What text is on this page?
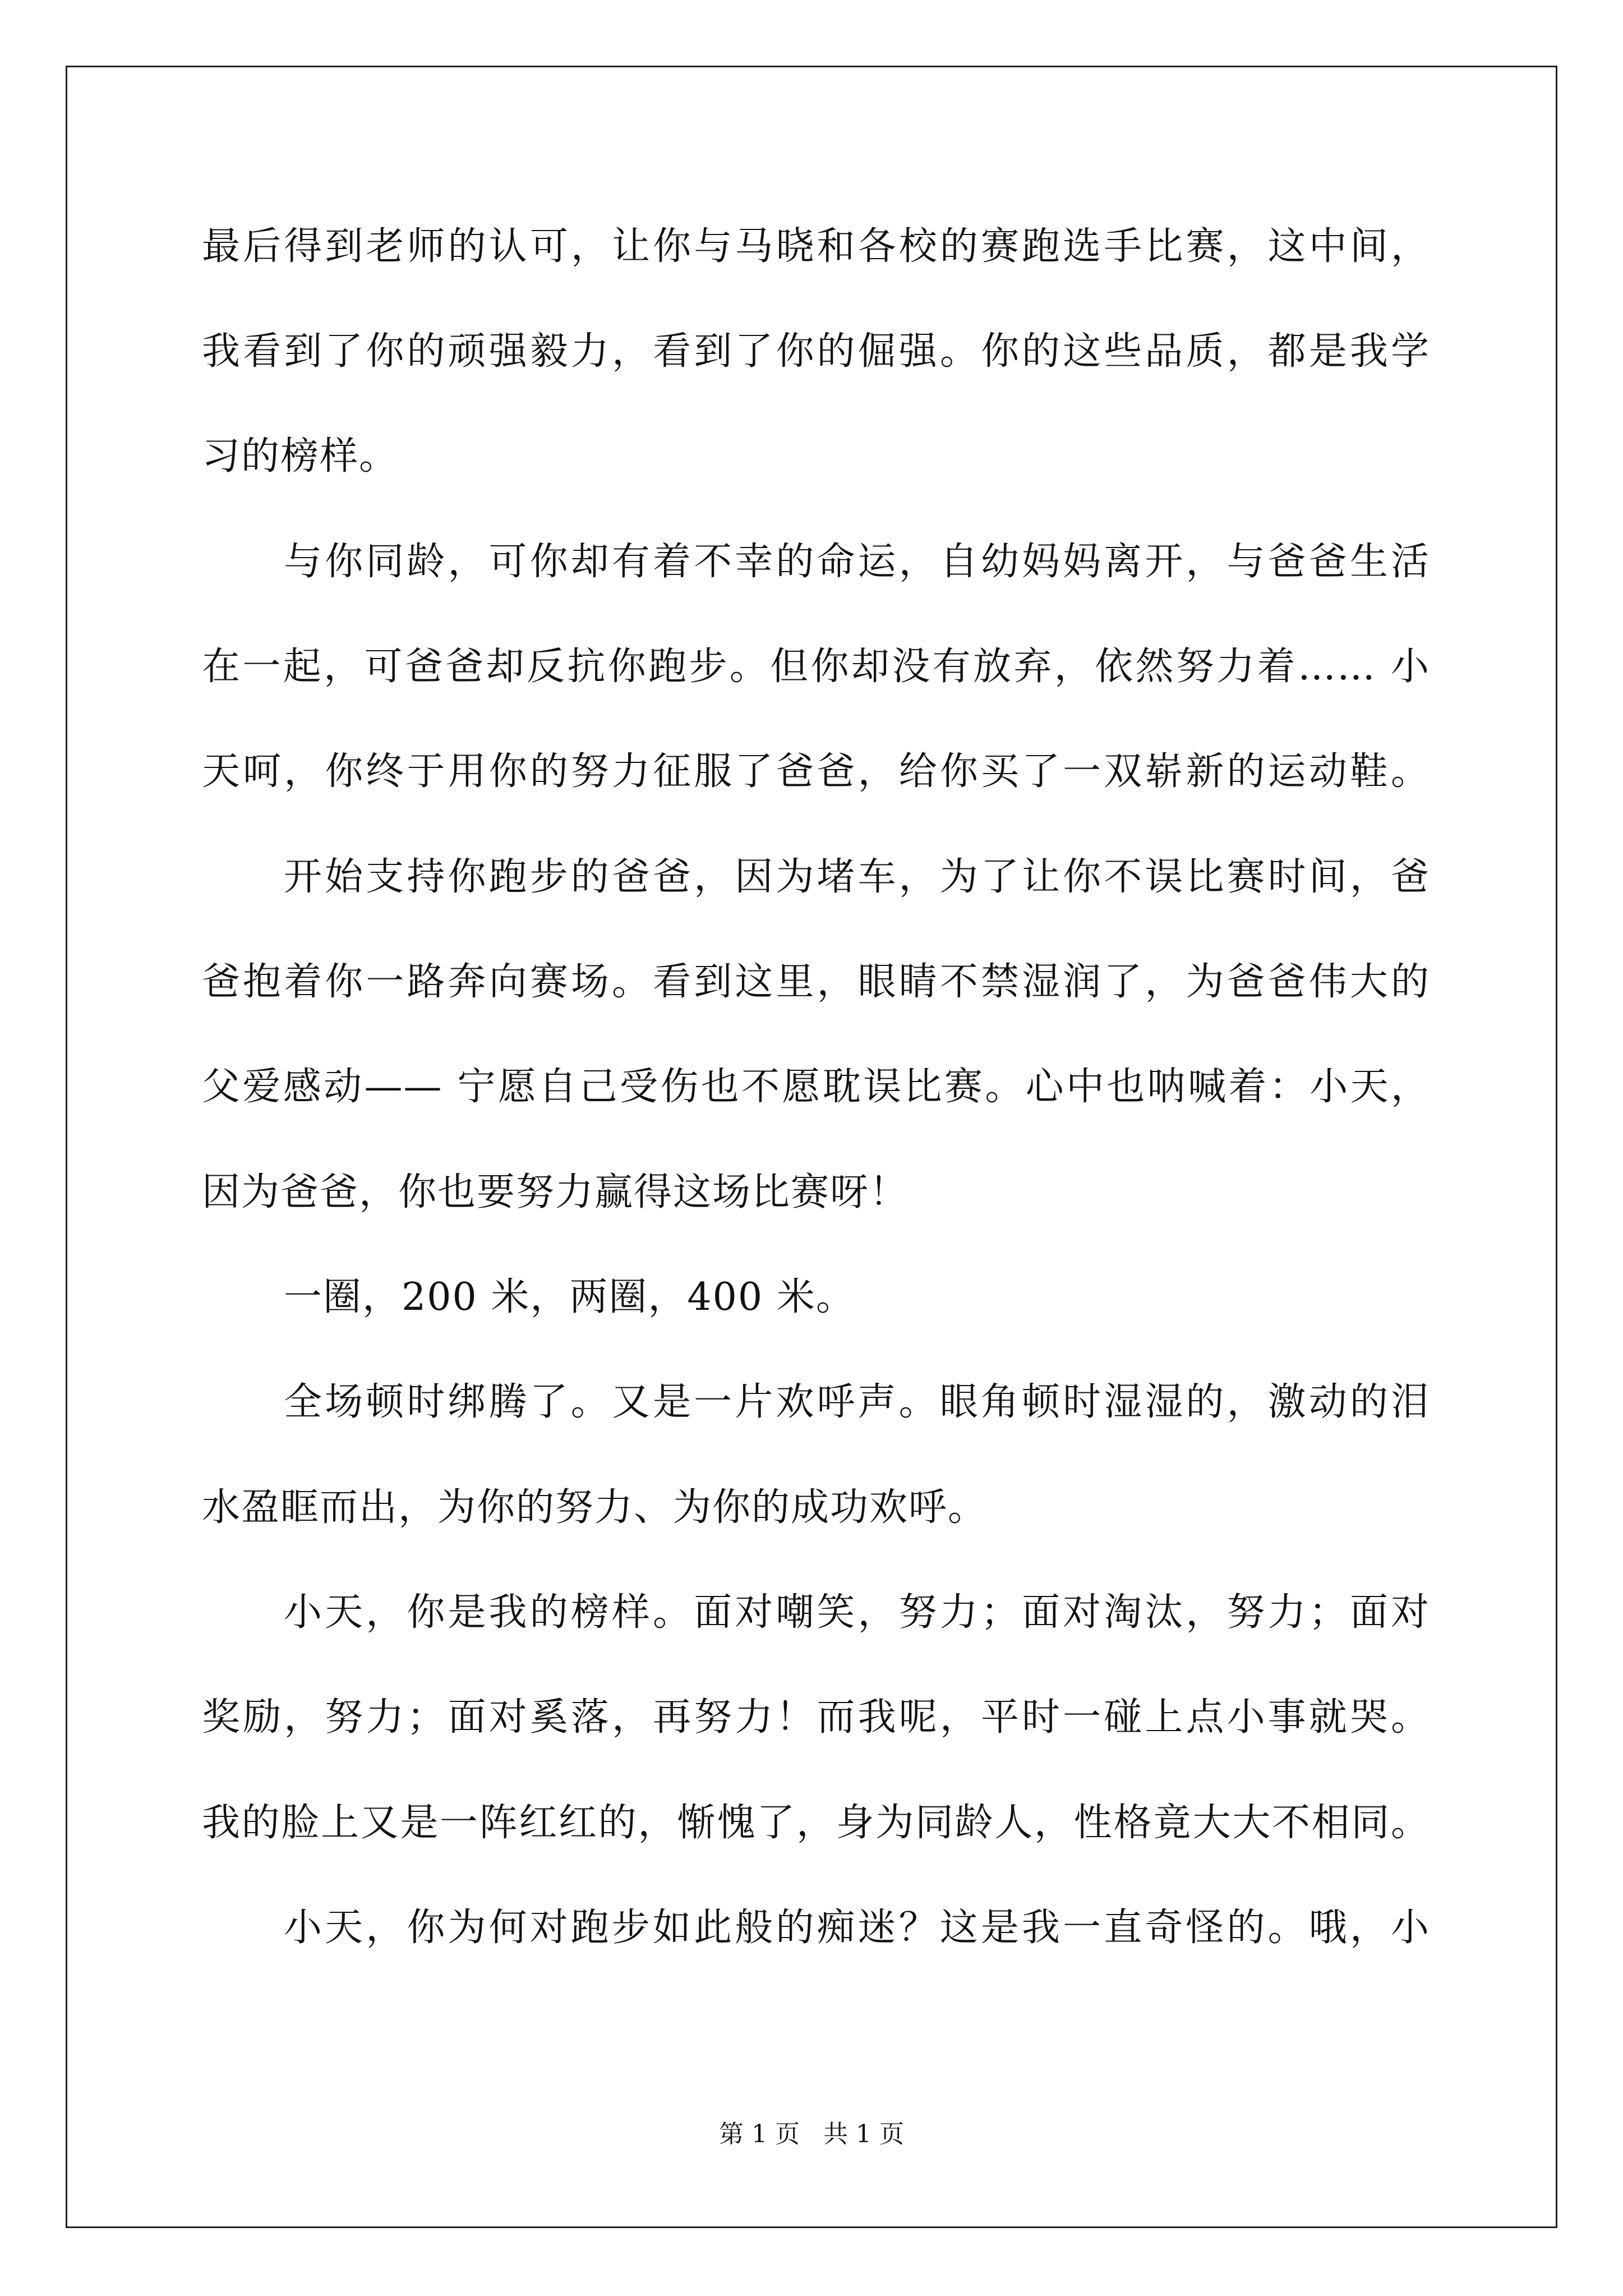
最后得到老师的认可，让你与马晓和各校的赛跑选手比赛，这中间，
我看到了你的顽强毅力，看到了你的倔强。你的这些品质，都是我学
习的榜样。
与你同龄，可你却有着不幸的命运，自幼妈妈离开，与爸爸生活
在一起，可爸爸却反抗你跑步。但你却没有放弃，依然努力着…… 小
天呵，你终于用你的努力征服了爸爸，给你买了一双崭新的运动鞋。
开始支持你跑步的爸爸，因为堵车，为了让你不误比赛时间，爸
爸抱着你一路奔向赛场。看到这里，眼睛不禁湿润了，为爸爸伟大的
父爱感动—— 宁愿自己受伤也不愿耽误比赛。心中也呐喊着：小天，
因为爸爸，你也要努力赢得这场比赛呀！
一圈，200 米，两圈，400 米。
全场顿时绑腾了。又是一片欢呼声。眼角顿时湿湿的，激动的泪
水盈眶而出，为你的努力、为你的成功欢呼。
小天，你是我的榜样。面对嘲笑，努力；面对淘汰，努力；面对
奖励，努力；面对奚落，再努力！而我呢，平时一碰上点小事就哭。
我的脸上又是一阵红红的，惭愧了，身为同龄人，性格竟大大不相同。
小天，你为何对跑步如此般的痴迷？这是我一直奇怪的。哦，小
第 1 页 共 1 页
